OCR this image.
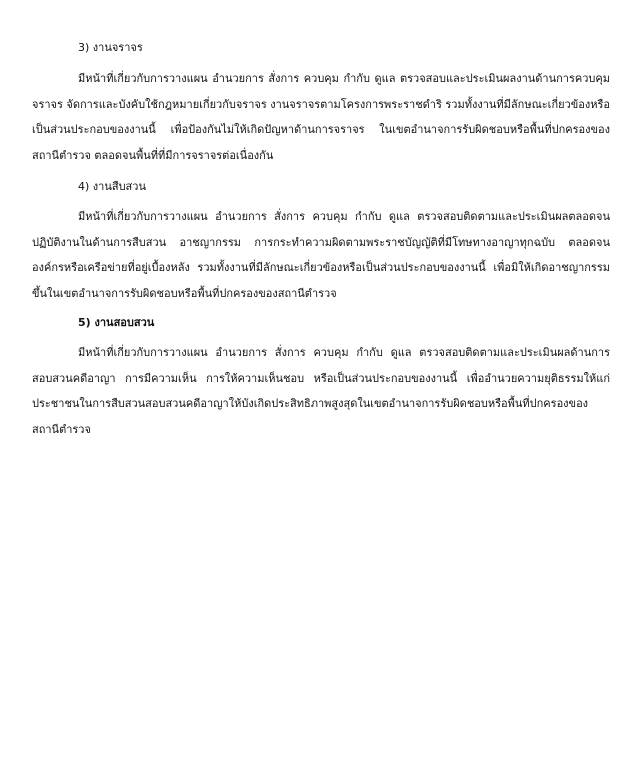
3) งานจราจร

มีหน้าที่เกี่ยวกับการวางแผน อำนวยการ สั่งการ ควบคุม กำกับ ดูแล ตรวจสอบและประเมินผลงานด้านการควบคุมจราจร จัดการและบังคับใช้กฎหมายเกี่ยวกับจราจร งานจราจรตามโครงการพระราชดำริ รวมทั้งงานที่มีลักษณะเกี่ยวข้องหรือเป็นส่วนประกอบของงานนี้ เพื่อป้องกันไม่ให้เกิดปัญหาด้านการจราจร ในเขตอำนาจการรับผิดชอบหรือพื้นที่ปกครองของสถานีตำรวจ ตลอดจนพื้นที่ที่มีการจราจรต่อเนื่องกัน

4) งานสืบสวน

มีหน้าที่เกี่ยวกับการวางแผน อำนวยการ สั่งการ ควบคุม กำกับ ดูแล ตรวจสอบติดตามและประเมินผลตลอดจนปฏิบัติงานในด้านการสืบสวน อาชญากรรม การกระทำความผิดตามพระราชบัญญัติที่มีโทษทางอาญาทุกฉบับ ตลอดจนองค์กรหรือเครือข่ายที่อยู่เบื้องหลัง รวมทั้งงานที่มีลักษณะเกี่ยวข้องหรือเป็นส่วนประกอบของงานนี้ เพื่อมิให้เกิดอาชญากรรมขึ้นในเขตอำนาจการรับผิดชอบหรือพื้นที่ปกครองของสถานีตำรวจ

5) งานสอบสวน

มีหน้าที่เกี่ยวกับการวางแผน อำนวยการ สั่งการ ควบคุม กำกับ ดูแล ตรวจสอบติดตามและประเมินผลด้านการสอบสวนคดีอาญา การมีความเห็น การให้ความเห็นชอบ หรือเป็นส่วนประกอบของงานนี้ เพื่ออำนวยความยุติธรรมให้แก่ประชาชนในการสืบสวนสอบสวนคดีอาญาให้บังเกิดประสิทธิภาพสูงสุดในเขตอำนาจการรับผิดชอบหรือพื้นที่ปกครองของสถานีตำรวจ
